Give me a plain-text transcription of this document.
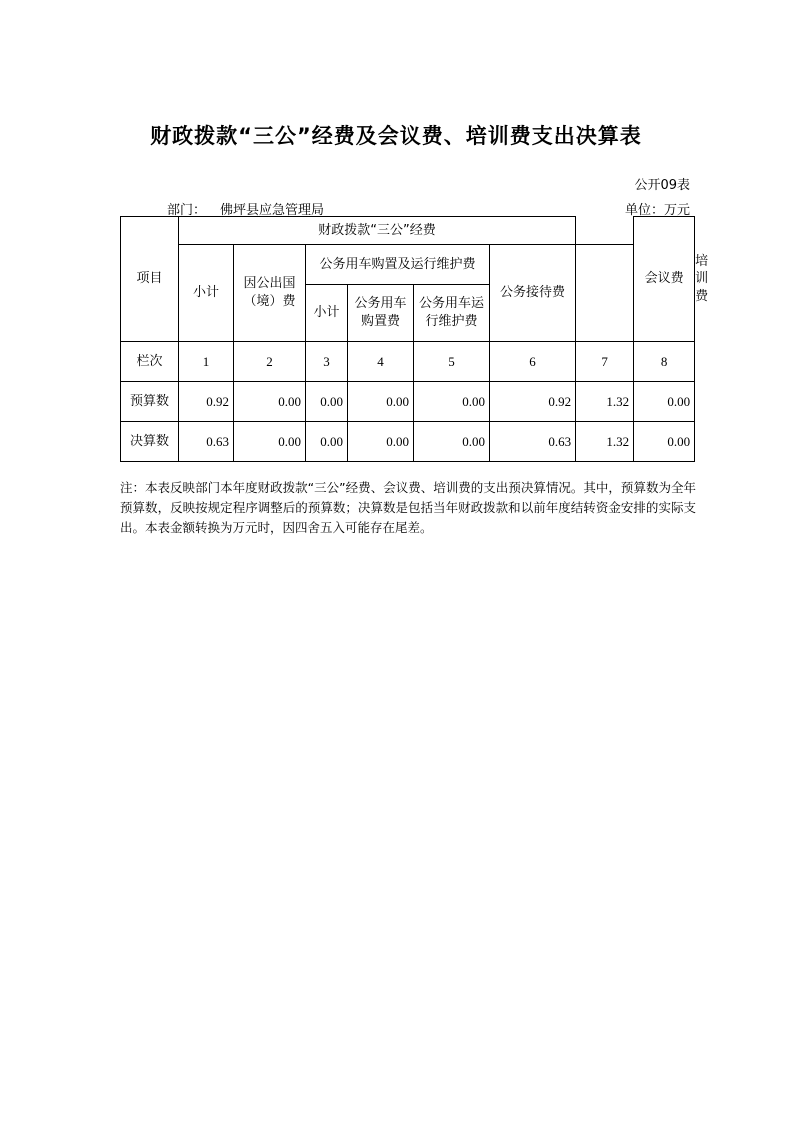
财政拨款“三公”经费及会议费、培训费支出决算表
公开09表
部门： 佛坪县应急管理局	单位：万元
项目	财政拨款“三公”经费							会议费	培训费
	小计	因公出国（境）费	公务用车购置及运行维护费			公务接待费			
			小计	公务用车购置费	公务用车运行维护费				

栏次	1	2	3	4	5	6	7	8	
预算数	0.92	0.00	0.00	0.00	0.00	0.92	1.32	0.00	
决算数	0.63	0.00	0.00	0.00	0.00	0.63	1.32	0.00	
注：本表反映部门本年度财政拨款“三公”经费、会议费、培训费的支出预决算情况。其中，预算数为全年预算数，反映按规定程序调整后的预算数；决算数是包括当年财政拨款和以前年度结转资金安排的实际支出。本表金额转换为万元时，因四舍五入可能存在尾差。
